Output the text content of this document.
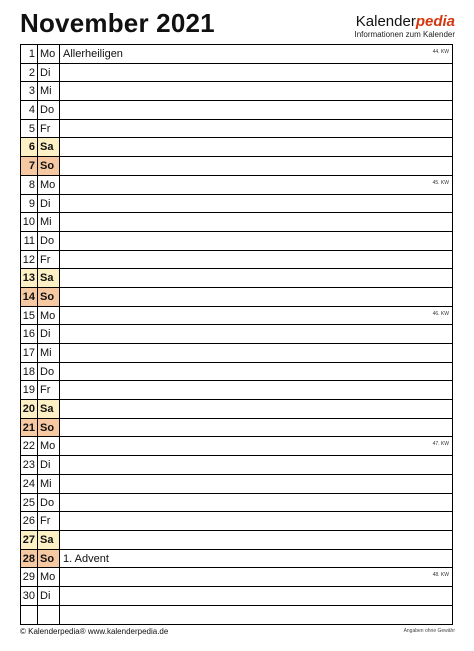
November 2021	Kalenderpedia
Informationen zum Kalender
1 Mo Allerheiligen	44. KW
2 Di
3 Mi
4 Do
5 Fr
6 Sa
7 So
8 Mo	45. KW
9 Di
10 Mi
11 Do
12 Fr
13 Sa
14 So
15 Mo	46. KW
16 Di
17 Mi
18 Do
19 Fr
20 Sa
21 So
22 Mo	47. KW
23 Di
24 Mi
25 Do
26 Fr
27 Sa
28 So 1. Advent
29 Mo	48. KW
30 Di
© Kalenderpedia® www.kalenderpedia.de	Angaben ohne Gewähr
